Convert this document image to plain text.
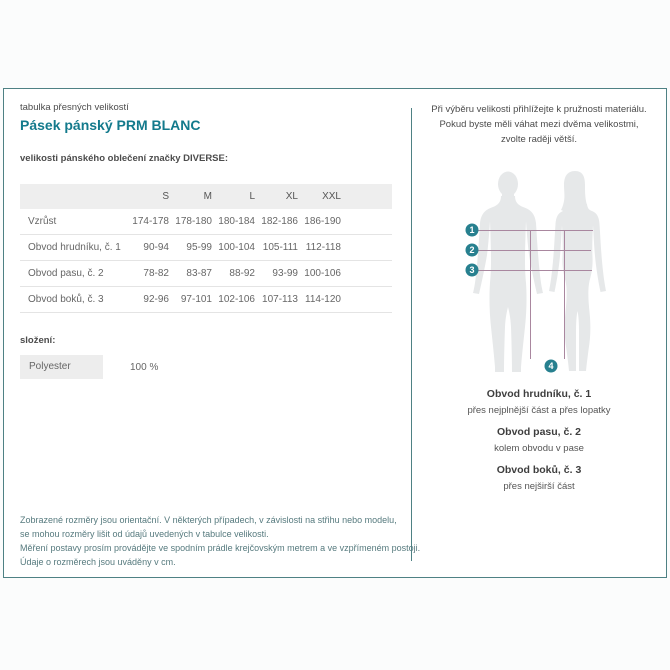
tabulka přesných velikostí
Pásek pánský PRM BLANC
velikosti pánského oblečení značky DIVERSE:
	S	M	L	XL	XXL	
Vzrůst	174-178	178-180	180-184	182-186	186-190	
Obvod hrudníku, č. 1	90-94	95-99	100-104	105-111	112-118	
Obvod pasu, č. 2	78-82	83-87	88-92	93-99	100-106	
Obvod boků, č. 3	92-96	97-101	102-106	107-113	114-120	
složení:
Polyester	100 %
Zobrazené rozměry jsou orientační. V některých případech, v závislosti na střihu nebo modelu,
se mohou rozměry lišit od údajů uvedených v tabulce velikosti.
Měření postavy prosím provádějte ve spodním prádle krejčovským metrem a ve vzpřímeném postoji.
Údaje o rozměrech jsou uváděny v cm.
Při výběru velikosti přihlížejte k pružnosti materiálu.
Pokud byste měli váhat mezi dvěma velikostmi,
zvolte raději větší.
1
2
3
4
Obvod hrudníku, č. 1
přes nejplnější část a přes lopatky
Obvod pasu, č. 2
kolem obvodu v pase
Obvod boků, č. 3
přes nejširší část
